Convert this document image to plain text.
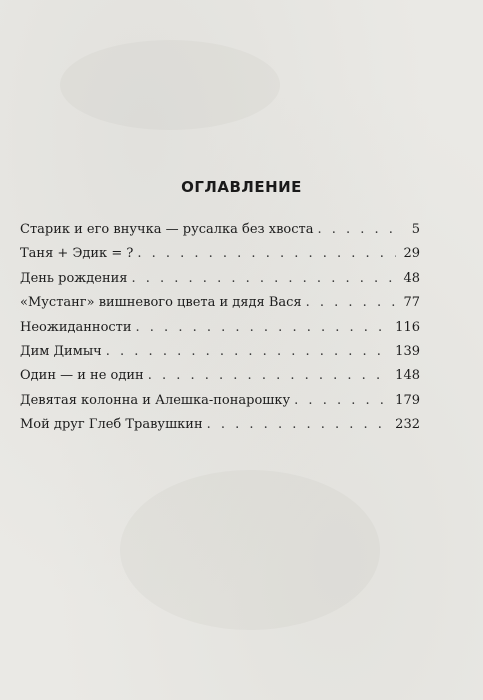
ОГЛАВЛЕНИЕ
Старик и его внучка — русалка без хвоста . . .	5
Таня + Эдик = ? . . .	29
День рождения . . .	48
«Мустанг» вишневого цвета и дядя Вася . . .	77
Неожиданности . . .	116
Дим Димыч . . .	139
Один — и не один . . .	148
Девятая колонна и Алешка-понарошку . . .	179
Мой друг Глеб Травушкин . . .	232
